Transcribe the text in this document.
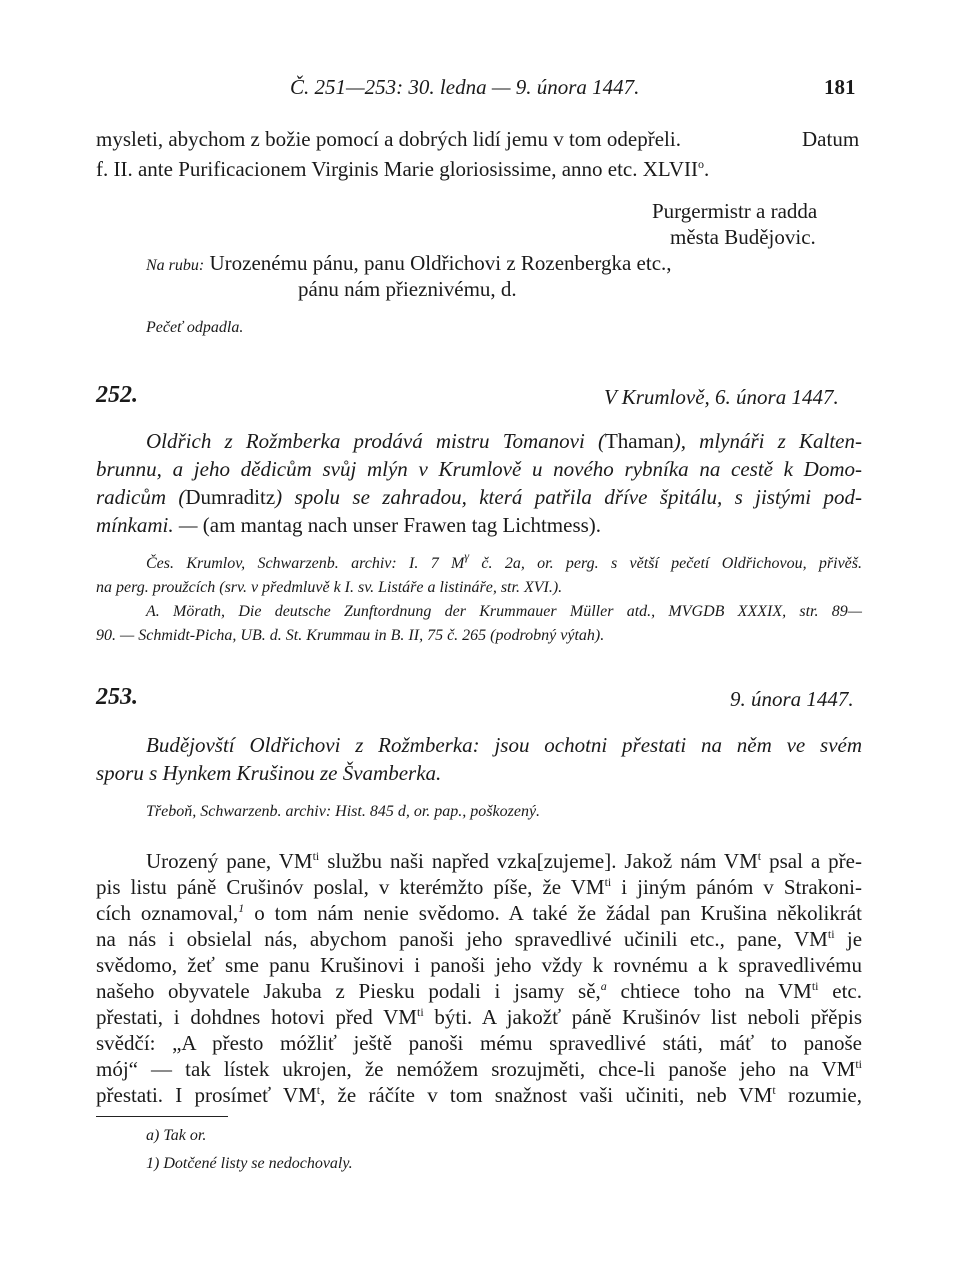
Č. 251—253: 30. ledna — 9. února 1447.	181
mysleti, abychom z božie pomocí a dobrých lidí jemu v tom odepřeli.	Datum
f. II. ante Purificacionem Virginis Marie gloriosissime, anno etc. XLVII$^o$.
Purgermistr a radda
města Budějovic.
Na rubu: Urozenému pánu, panu Oldřichovi z Rozenbergka etc.,
pánu nám přieznivému, d.
Pečeť odpadla.
252.	V Krumlově, 6. února 1447.
Oldřich z Rožmberka prodává mistru Tomanovi (Thaman), mlynáři z Kalten-
brunnu, a jeho dědicům svůj mlýn v Krumlově u nového rybníka na cestě k Domo-
radicům (Dumraditz) spolu se zahradou, která patřila dříve špitálu, s jistými pod-
mínkami. — (am mantag nach unser Frawen tag Lichtmess).
Čes. Krumlov, Schwarzenb. archiv: I. 7 $M^\gamma$ č. 2a, or. perg. s větší pečetí Oldřichovou, přivěš.
na perg. proužcích (srv. v předmluvě k I. sv. Listáře a listináře, str. XVI.).
A. Mörath, Die deutsche Zunftordnung der Krummauer Müller atd., MVGDB XXXIX, str. 89—
90. — Schmidt-Picha, UB. d. St. Krummau in B. II, 75 č. 265 (podrobný výtah).
253.	9. února 1447.
Budějovští Oldřichovi z Rožmberka: jsou ochotni přestati na něm ve svém
sporu s Hynkem Krušinou ze Švamberka.
Třeboň, Schwarzenb. archiv: Hist. 845 d, or. pap., poškozený.
Urozený pane, $VM^{ti}$ službu naši napřed vzka[zujeme]. Jakož nám $VM^t$ psal a pře-
pis listu páně Crušinóv poslal, v kterémžto píše, že $VM^{ti}$ i jiným pánóm v Strakoni-
cích oznamoval,$^1$ o tom nám nenie svědomo. A také že žádal pan Krušina několikrát
na nás i obsielal nás, abychom panoši jeho spravedlivé učinili etc., pane, $VM^{ti}$ je
svědomo, žeť sme panu Krušinovi i panoši jeho vždy k rovnému a k spravedlivému
našeho obyvatele Jakuba z Piesku podali i jsamy sě,$^a$ chtiece toho na $VM^{ti}$ etc.
přestati, i dohdnes hotovi před $VM^{ti}$ býti. A jakožť páně Krušinóv list neboli přěpis
svědčí: „A přesto móžliť ještě panoši mému spravedlivé státi, máť to panoše
mój“ — tak lístek ukrojen, že nemóžem srozujměti, chce-li panoše jeho na $VM^{ti}$
přestati. I prosímeť $VM^t$, že ráčíte v tom snažnost vaši učiniti, neb $VM^t$ rozumie,
a) Tak or.
1) Dotčené listy se nedochovaly.
